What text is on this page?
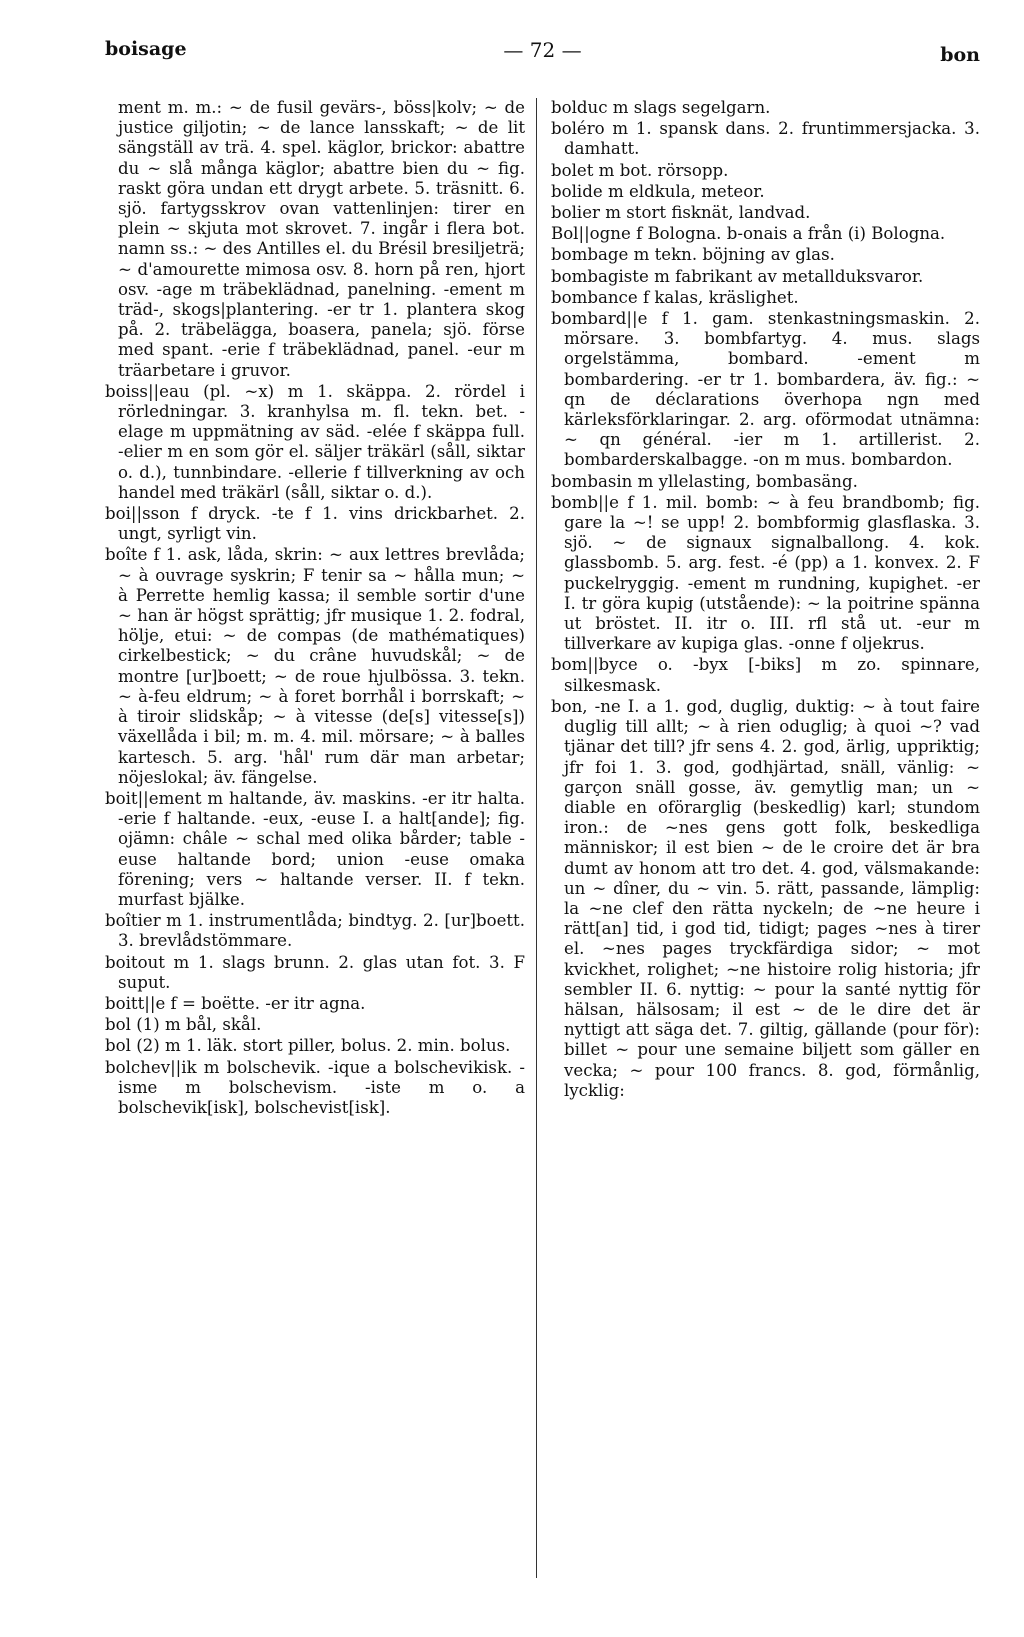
boisage	— 72 —	bon

ment m. m.: ~ de fusil gevärs-, böss|kolv; ~ de justice giljotin; ~ de lance lansskaft; ~ de lit sängställ av trä. 4. spel. käglor, brickor: abattre du ~ slå många käglor; abattre bien du ~ fig. raskt göra undan ett drygt arbete. 5. träsnitt. 6. sjö. fartygsskrov ovan vattenlinjen: tirer en plein ~ skjuta mot skrovet. 7. ingår i flera bot. namn ss.: ~ des Antilles el. du Brésil bresiljeträ; ~ d'amourette mimosa osv. 8. horn på ren, hjort osv. -age m träbeklädnad, panelning. -ement m träd-, skogs|plantering. -er tr 1. plantera skog på. 2. träbelägga, boasera, panela; sjö. förse med spant. -erie f träbeklädnad, panel. -eur m träarbetare i gruvor.

boiss||eau (pl. ~x) m 1. skäppa. 2. rördel i rörledningar. 3. kranhylsa m. fl. tekn. bet. -elage m uppmätning av säd. -elée f skäppa full. -elier m en som gör el. säljer träkärl (såll, siktar o. d.), tunnbindare. -ellerie f tillverkning av och handel med träkärl (såll, siktar o. d.).

boi||sson f dryck. -te f 1. vins drickbarhet. 2. ungt, syrligt vin.

boîte f 1. ask, låda, skrin: ~ aux lettres brevlåda; ~ à ouvrage syskrin; F tenir sa ~ hålla mun; ~ à Perrette hemlig kassa; il semble sortir d'une ~ han är högst sprättig; jfr musique 1. 2. fodral, hölje, etui: ~ de compas (de mathématiques) cirkelbestick; ~ du crâne huvudskål; ~ de montre [ur]boett; ~ de roue hjulbössa. 3. tekn. ~ à-feu eldrum; ~ à foret borrhål i borrskaft; ~ à tiroir slidskåp; ~ à vitesse (de[s] vitesse[s]) växellåda i bil; m. m. 4. mil. mörsare; ~ à balles kartesch. 5. arg. 'hål' rum där man arbetar; nöjeslokal; äv. fängelse.

boit||ement m haltande, äv. maskins. -er itr halta. -erie f haltande. -eux, -euse I. a halt[ande]; fig. ojämn: châle ~ schal med olika bårder; table -euse haltande bord; union -euse omaka förening; vers ~ haltande verser. II. f tekn. murfast bjälke.

boîtier m 1. instrumentlåda; bindtyg. 2. [ur]boett. 3. brevlådstömmare.

boitout m 1. slags brunn. 2. glas utan fot. 3. F suput.

boitt||e f = boëtte. -er itr agna.

bol (1) m bål, skål.

bol (2) m 1. läk. stort piller, bolus. 2. min. bolus.

bolchev||ik m bolschevik. -ique a bolschevikisk. -isme m bolschevism. -iste m o. a bolschevik[isk], bolschevist[isk].

bolduc m slags segelgarn.

boléro m 1. spansk dans. 2. fruntimmersjacka. 3. damhatt.

bolet m bot. rörsopp.

bolide m eldkula, meteor.

bolier m stort fisknät, landvad.

Bol||ogne f Bologna. b-onais a från (i) Bologna.

bombage m tekn. böjning av glas.

bombagiste m fabrikant av metallduksvaror.

bombance f kalas, kräslighet.

bombard||e f 1. gam. stenkastningsmaskin. 2. mörsare. 3. bombfartyg. 4. mus. slags orgelstämma, bombard. -ement m bombardering. -er tr 1. bombardera, äv. fig.: ~ qn de déclarations överhopa ngn med kärleksförklaringar. 2. arg. oförmodat utnämna: ~ qn général. -ier m 1. artillerist. 2. bombarderskalbagge. -on m mus. bombardon.

bombasin m yllelasting, bombasäng.

bomb||e f 1. mil. bomb: ~ à feu brandbomb; fig. gare la ~! se upp! 2. bombformig glasflaska. 3. sjö. ~ de signaux signalballong. 4. kok. glassbomb. 5. arg. fest. -é (pp) a 1. konvex. 2. F puckelryggig. -ement m rundning, kupighet. -er I. tr göra kupig (utstående): ~ la poitrine spänna ut bröstet. II. itr o. III. rfl stå ut. -eur m tillverkare av kupiga glas. -onne f oljekrus.

bom||byce o. -byx [-biks] m zo. spinnare, silkesmask.

bon, -ne I. a 1. god, duglig, duktig: ~ à tout faire duglig till allt; ~ à rien oduglig; à quoi ~? vad tjänar det till? jfr sens 4. 2. god, ärlig, uppriktig; jfr foi 1. 3. god, godhjärtad, snäll, vänlig: ~ garçon snäll gosse, äv. gemytlig man; un ~ diable en oförarglig (beskedlig) karl; stundom iron.: de ~nes gens gott folk, beskedliga människor; il est bien ~ de le croire det är bra dumt av honom att tro det. 4. god, välsmakande: un ~ dîner, du ~ vin. 5. rätt, passande, lämplig: la ~ne clef den rätta nyckeln; de ~ne heure i rätt[an] tid, i god tid, tidigt; pages ~nes à tirer el. ~nes pages tryckfärdiga sidor; ~ mot kvickhet, rolighet; ~ne histoire rolig historia; jfr sembler II. 6. nyttig: ~ pour la santé nyttig för hälsan, hälsosam; il est ~ de le dire det är nyttigt att säga det. 7. giltig, gällande (pour för): billet ~ pour une semaine biljett som gäller en vecka; ~ pour 100 francs. 8. god, förmånlig, lycklig:
